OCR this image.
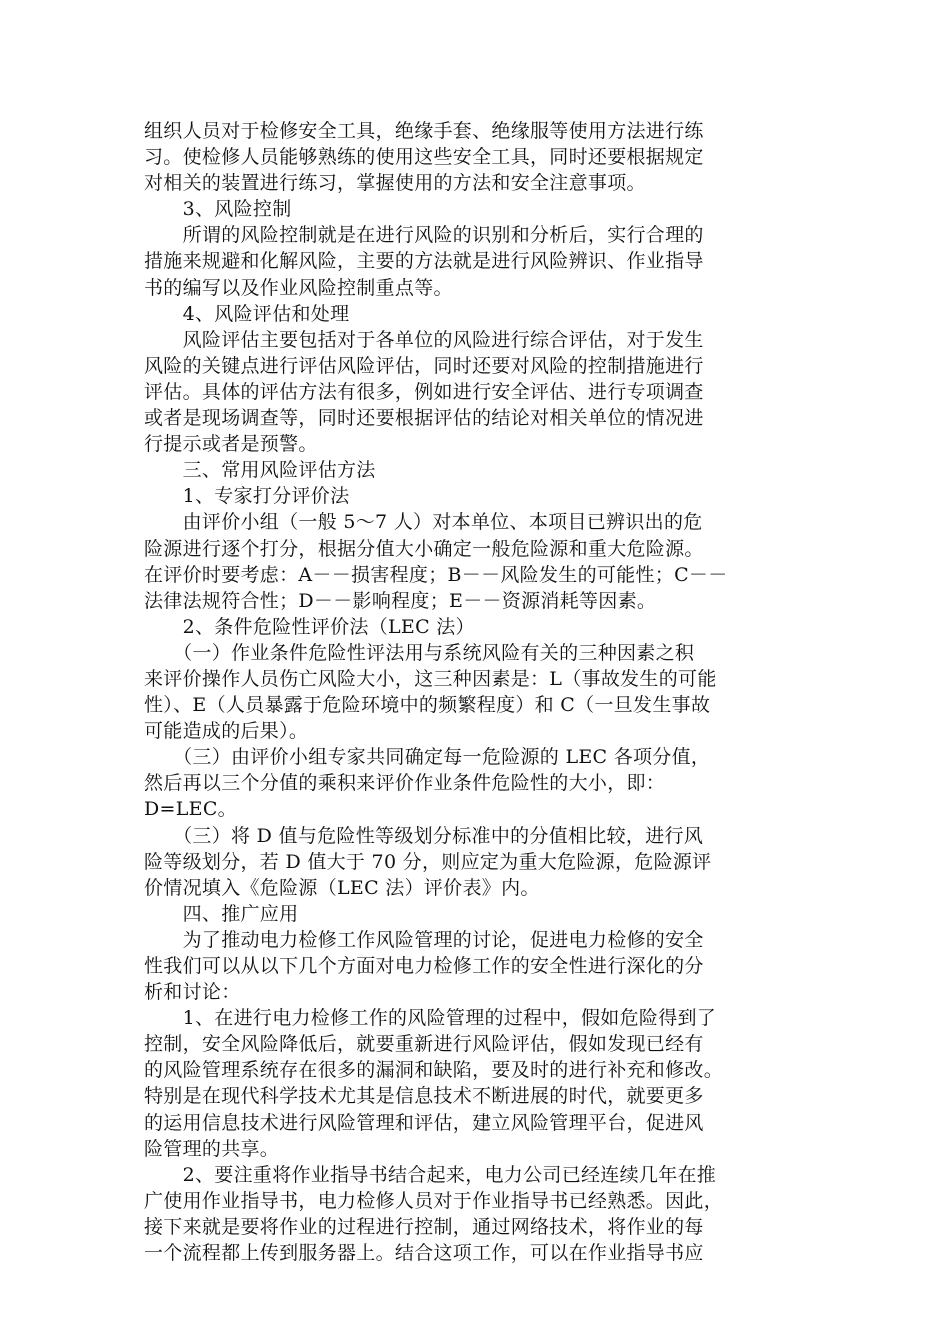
组织人员对于检修安全工具，绝缘手套、绝缘服等使用方法进行练
习。使检修人员能够熟练的使用这些安全工具，同时还要根据规定
对相关的装置进行练习，掌握使用的方法和安全注意事项。
　　3、风险控制
　　所谓的风险控制就是在进行风险的识别和分析后，实行合理的
措施来规避和化解风险，主要的方法就是进行风险辨识、作业指导
书的编写以及作业风险控制重点等。
　　4、风险评估和处理
　　风险评估主要包括对于各单位的风险进行综合评估，对于发生
风险的关键点进行评估风险评估，同时还要对风险的控制措施进行
评估。具体的评估方法有很多，例如进行安全评估、进行专项调查
或者是现场调查等，同时还要根据评估的结论对相关单位的情况进
行提示或者是预警。
　　三、常用风险评估方法
　　1、专家打分评价法
　　由评价小组（一般 5～7 人）对本单位、本项目已辨识出的危
险源进行逐个打分，根据分值大小确定一般危险源和重大危险源。
在评价时要考虑：A－－损害程度；B－－风险发生的可能性；C－－
法律法规符合性；D－－影响程度；E－－资源消耗等因素。
　　2、条件危险性评价法（LEC 法）
　　（一）作业条件危险性评法用与系统风险有关的三种因素之积
来评价操作人员伤亡风险大小，这三种因素是：L（事故发生的可能
性）、E（人员暴露于危险环境中的频繁程度）和 C（一旦发生事故
可能造成的后果）。
　　（三）由评价小组专家共同确定每一危险源的 LEC 各项分值，
然后再以三个分值的乘积来评价作业条件危险性的大小，即：
D=LEC。
　　（三）将 D 值与危险性等级划分标准中的分值相比较，进行风
险等级划分，若 D 值大于 70 分，则应定为重大危险源，危险源评
价情况填入《危险源（LEC 法）评价表》内。
　　四、推广应用
　　为了推动电力检修工作风险管理的讨论，促进电力检修的安全
性我们可以从以下几个方面对电力检修工作的安全性进行深化的分
析和讨论：
　　1、在进行电力检修工作的风险管理的过程中，假如危险得到了
控制，安全风险降低后，就要重新进行风险评估，假如发现已经有
的风险管理系统存在很多的漏洞和缺陷，要及时的进行补充和修改。
特别是在现代科学技术尤其是信息技术不断进展的时代，就要更多
的运用信息技术进行风险管理和评估，建立风险管理平台，促进风
险管理的共享。
　　2、要注重将作业指导书结合起来，电力公司已经连续几年在推
广使用作业指导书，电力检修人员对于作业指导书已经熟悉。因此，
接下来就是要将作业的过程进行控制，通过网络技术，将作业的每
一个流程都上传到服务器上。结合这项工作，可以在作业指导书应
